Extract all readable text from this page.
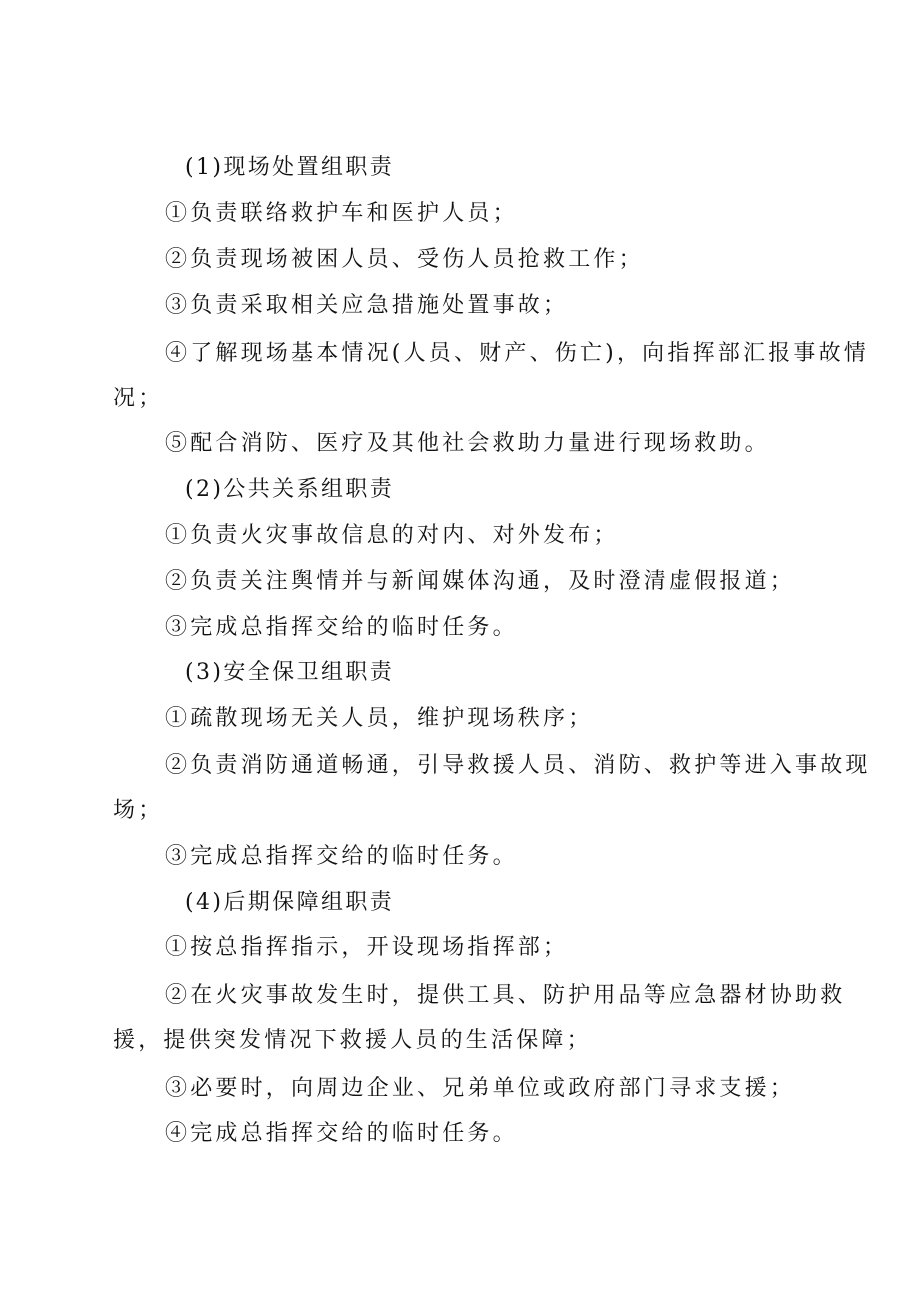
(1)现场处置组职责
①负责联络救护车和医护人员；
②负责现场被困人员、受伤人员抢救工作；
③负责采取相关应急措施处置事故；
④了解现场基本情况(人员、财产、伤亡)，向指挥部汇报事故情
况；
⑤配合消防、医疗及其他社会救助力量进行现场救助。
(2)公共关系组职责
①负责火灾事故信息的对内、对外发布；
②负责关注舆情并与新闻媒体沟通，及时澄清虚假报道；
③完成总指挥交给的临时任务。
(3)安全保卫组职责
①疏散现场无关人员，维护现场秩序；
②负责消防通道畅通，引导救援人员、消防、救护等进入事故现
场；
③完成总指挥交给的临时任务。
(4)后期保障组职责
①按总指挥指示，开设现场指挥部；
②在火灾事故发生时，提供工具、防护用品等应急器材协助救
援，提供突发情况下救援人员的生活保障；
③必要时，向周边企业、兄弟单位或政府部门寻求支援；
④完成总指挥交给的临时任务。
